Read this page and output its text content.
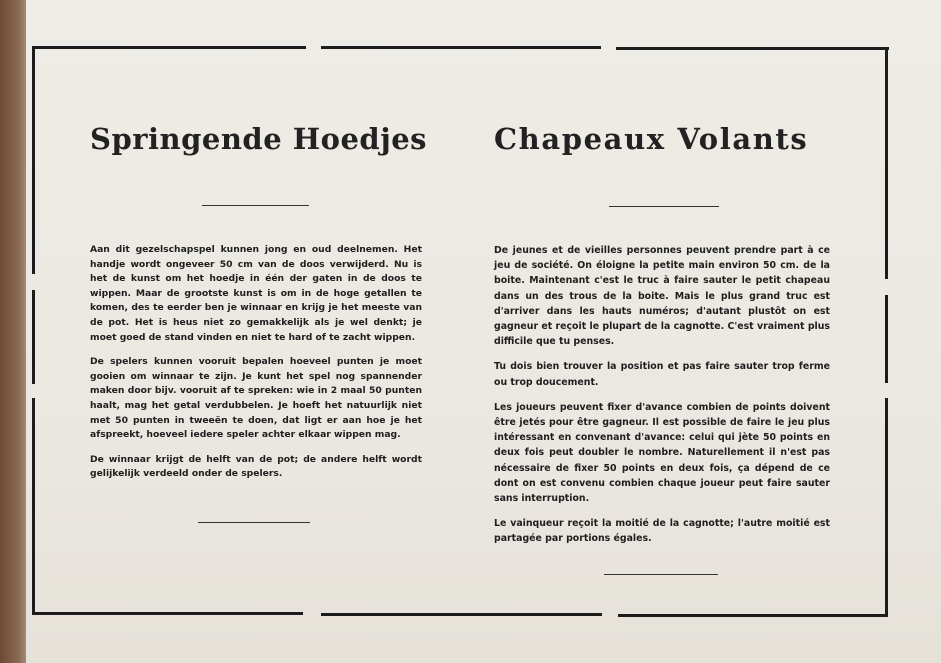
Springende Hoedjes

Aan dit gezelschapspel kunnen jong en oud deelnemen. Het handje wordt ongeveer 50 cm van de doos verwijderd. Nu is het de kunst om het hoedje in één der gaten in de doos te wippen. Maar de grootste kunst is om in de hoge getallen te komen, des te eerder ben je winnaar en krijg je het meeste van de pot. Het is heus niet zo gemakkelijk als je wel denkt; je moet goed de stand vinden en niet te hard of te zacht wippen.

De spelers kunnen vooruit bepalen hoeveel punten je moet gooien om winnaar te zijn. Je kunt het spel nog spannender maken door bijv. vooruit af te spreken: wie in 2 maal 50 punten haalt, mag het getal verdubbelen. Je hoeft het natuurlijk niet met 50 punten in tweeën te doen, dat ligt er aan hoe je het afspreekt, hoeveel iedere speler achter elkaar wippen mag.

De winnaar krijgt de helft van de pot; de andere helft wordt gelijkelijk verdeeld onder de spelers.

Chapeaux Volants

De jeunes et de vieilles personnes peuvent prendre part à ce jeu de société. On éloigne la petite main environ 50 cm. de la boite. Maintenant c'est le truc à faire sauter le petit chapeau dans un des trous de la boite. Mais le plus grand truc est d'arriver dans les hauts numéros; d'autant plustôt on est gagneur et reçoit le plupart de la cagnotte. C'est vraiment plus difficile que tu penses.

Tu dois bien trouver la position et pas faire sauter trop ferme ou trop doucement.

Les joueurs peuvent fixer d'avance combien de points doivent être jetés pour être gagneur. Il est possible de faire le jeu plus intéressant en convenant d'avance: celui qui jète 50 points en deux fois peut doubler le nombre. Naturellement il n'est pas nécessaire de fixer 50 points en deux fois, ça dépend de ce dont on est convenu combien chaque joueur peut faire sauter sans interruption.

Le vainqueur reçoit la moitié de la cagnotte; l'autre moitié est partagée par portions égales.
